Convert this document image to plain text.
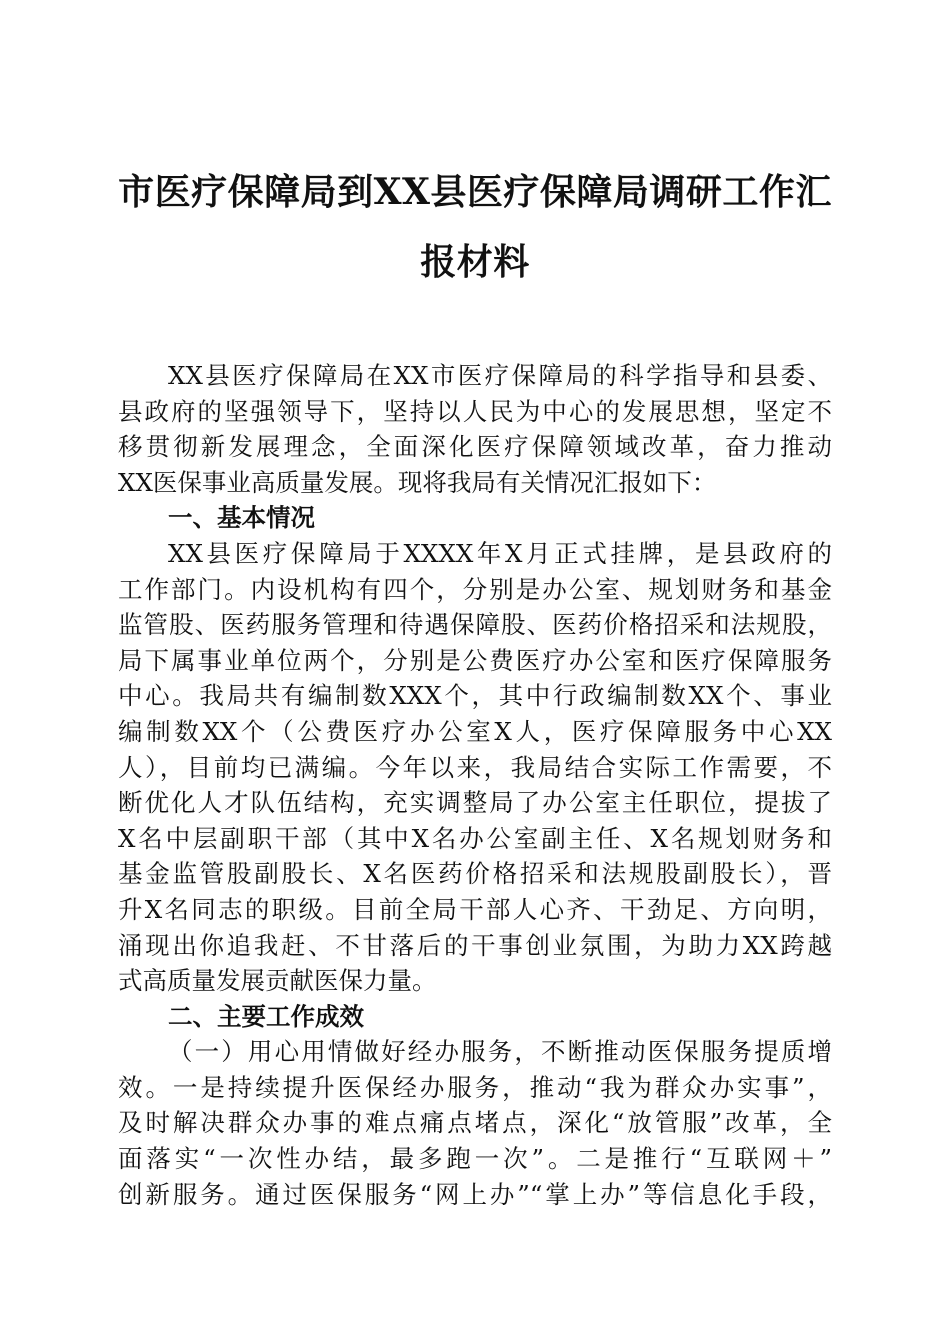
市医疗保障局到XX县医疗保障局调研工作汇
报材料
XX县医疗保障局在XX市医疗保障局的科学指导和县委、
县政府的坚强领导下，坚持以人民为中心的发展思想，坚定不
移贯彻新发展理念，全面深化医疗保障领域改革，奋力推动
XX医保事业高质量发展。现将我局有关情况汇报如下：
一、基本情况
XX县医疗保障局于XXXX年X月正式挂牌，是县政府的
工作部门。内设机构有四个，分别是办公室、规划财务和基金
监管股、医药服务管理和待遇保障股、医药价格招采和法规股，
局下属事业单位两个，分别是公费医疗办公室和医疗保障服务
中心。我局共有编制数XXX个，其中行政编制数XX个、事业
编制数XX个（公费医疗办公室X人，医疗保障服务中心XX
人），目前均已满编。今年以来，我局结合实际工作需要，不
断优化人才队伍结构，充实调整局了办公室主任职位，提拔了
X名中层副职干部（其中X名办公室副主任、X名规划财务和
基金监管股副股长、X名医药价格招采和法规股副股长），晋
升X名同志的职级。目前全局干部人心齐、干劲足、方向明，
涌现出你追我赶、不甘落后的干事创业氛围，为助力XX跨越
式高质量发展贡献医保力量。
二、主要工作成效
（一）用心用情做好经办服务，不断推动医保服务提质增
效。一是持续提升医保经办服务，推动“我为群众办实事”，
及时解决群众办事的难点痛点堵点，深化“放管服”改革，全
面落实“一次性办结，最多跑一次”。二是推行“互联网＋”
创新服务。通过医保服务“网上办”“掌上办”等信息化手段，
